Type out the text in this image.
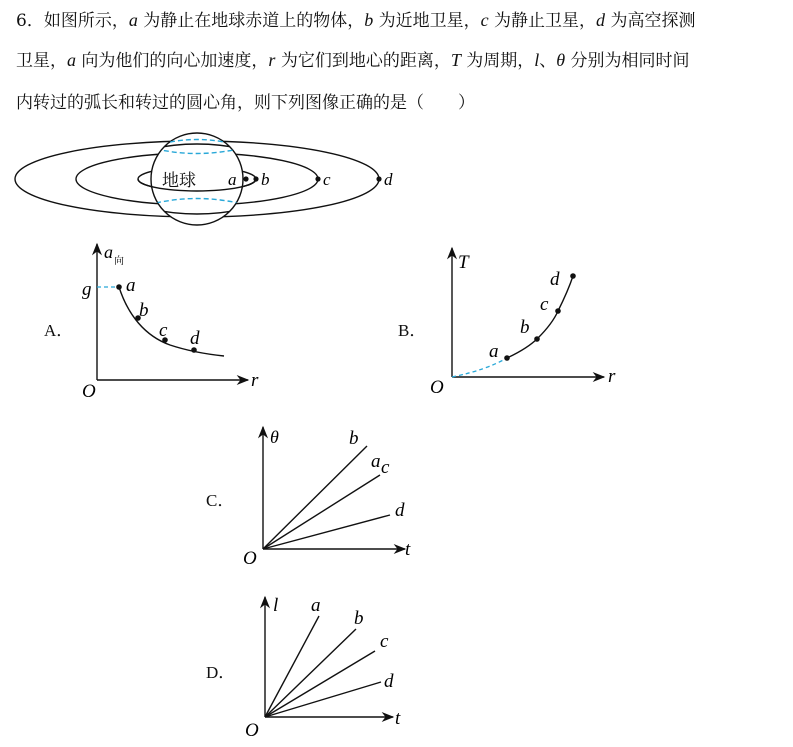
6．如图所示，a 为静止在地球赤道上的物体，b 为近地卫星，c 为静止卫星，d 为高空探测
卫星，a 向为他们的向心加速度，r 为它们到地心的距离，T 为周期，l、θ 分别为相同时间
内转过的弧长和转过的圆心角，则下列图像正确的是（　　）
地球 a b	c	d
a 向
g
r
O
a
b
c d
T
r
O
a
b
c
d
θ
t
O
b
a c
d
l
t
O
a
b
c
d
A．	B．
C．
D．
